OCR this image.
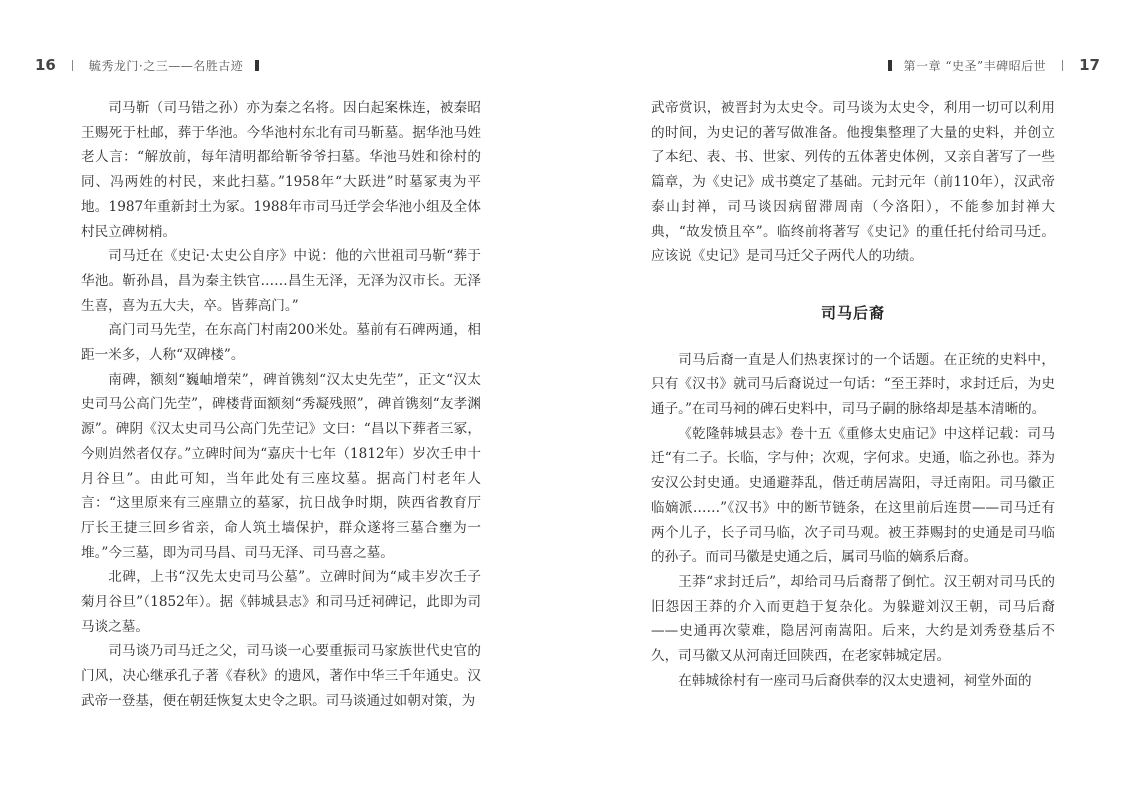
16	毓秀龙门·之三——名胜古迹

司马靳（司马错之孙）亦为秦之名将。因白起案株连，被秦昭王赐死于杜邮，葬于华池。今华池村东北有司马靳墓。据华池马姓老人言：“解放前，每年清明都给靳爷爷扫墓。华池马姓和徐村的同、冯两姓的村民，来此扫墓。”1958年“大跃进”时墓冢夷为平地。1987年重新封土为冢。1988年市司马迁学会华池小组及全体村民立碑树梢。

司马迁在《史记·太史公自序》中说：他的六世祖司马靳“葬于华池。靳孙昌，昌为秦主铁官……昌生无泽，无泽为汉市长。无泽生喜，喜为五大夫，卒。皆葬高门。”

高门司马先茔，在东高门村南200米处。墓前有石碑两通，相距一米多，人称“双碑楼”。

南碑，额刻“巍岫增荣”，碑首镌刻“汉太史先茔”，正文“汉太史司马公高门先茔”，碑楼背面额刻“秀凝残照”，碑首镌刻“友孝渊源”。碑阴《汉太史司马公高门先茔记》文曰：“昌以下葬者三冢，今则岿然者仅存。”立碑时间为“嘉庆十七年（1812年）岁次壬申十月谷旦”。由此可知，当年此处有三座坟墓。据高门村老年人言：“这里原来有三座鼎立的墓冢，抗日战争时期，陕西省教育厅厅长王捷三回乡省亲，命人筑土墙保护，群众遂将三墓合壅为一堆。”今三墓，即为司马昌、司马无泽、司马喜之墓。

北碑，上书“汉先太史司马公墓”。立碑时间为“咸丰岁次壬子菊月谷旦”（1852年）。据《韩城县志》和司马迁祠碑记，此即为司马谈之墓。

司马谈乃司马迁之父，司马谈一心要重振司马家族世代史官的门风，决心继承孔子著《春秋》的遗风，著作中华三千年通史。汉武帝一登基，便在朝廷恢复太史令之职。司马谈通过如朝对策，为

第一章 “史圣”丰碑昭后世 17

武帝赏识，被晋封为太史令。司马谈为太史令，利用一切可以利用的时间，为史记的著写做准备。他搜集整理了大量的史料，并创立了本纪、表、书、世家、列传的五体著史体例，又亲自著写了一些篇章，为《史记》成书奠定了基础。元封元年（前110年），汉武帝泰山封禅，司马谈因病留滞周南（今洛阳），不能参加封禅大典，“故发愤且卒”。临终前将著写《史记》的重任托付给司马迁。应该说《史记》是司马迁父子两代人的功绩。

司马后裔

司马后裔一直是人们热衷探讨的一个话题。在正统的史料中，只有《汉书》就司马后裔说过一句话：“至王莽时，求封迁后，为史通子。”在司马祠的碑石史料中，司马子嗣的脉络却是基本清晰的。

《乾隆韩城县志》卷十五《重修太史庙记》中这样记载：司马迁“有二子。长临，字与仲；次观，字何求。史通，临之孙也。莽为安汉公封史通。史通避莽乱，偕迁萌居嵩阳，寻迁南阳。司马徽正临嫡派……”《汉书》中的断节链条，在这里前后连贯——司马迁有两个儿子，长子司马临，次子司马观。被王莽赐封的史通是司马临的孙子。而司马徽是史通之后，属司马临的嫡系后裔。

王莽“求封迁后”，却给司马后裔帮了倒忙。汉王朝对司马氏的旧怨因王莽的介入而更趋于复杂化。为躲避刘汉王朝，司马后裔——史通再次蒙难，隐居河南嵩阳。后来，大约是刘秀登基后不久，司马徽又从河南迁回陕西，在老家韩城定居。

在韩城徐村有一座司马后裔供奉的汉太史遗祠，祠堂外面的
